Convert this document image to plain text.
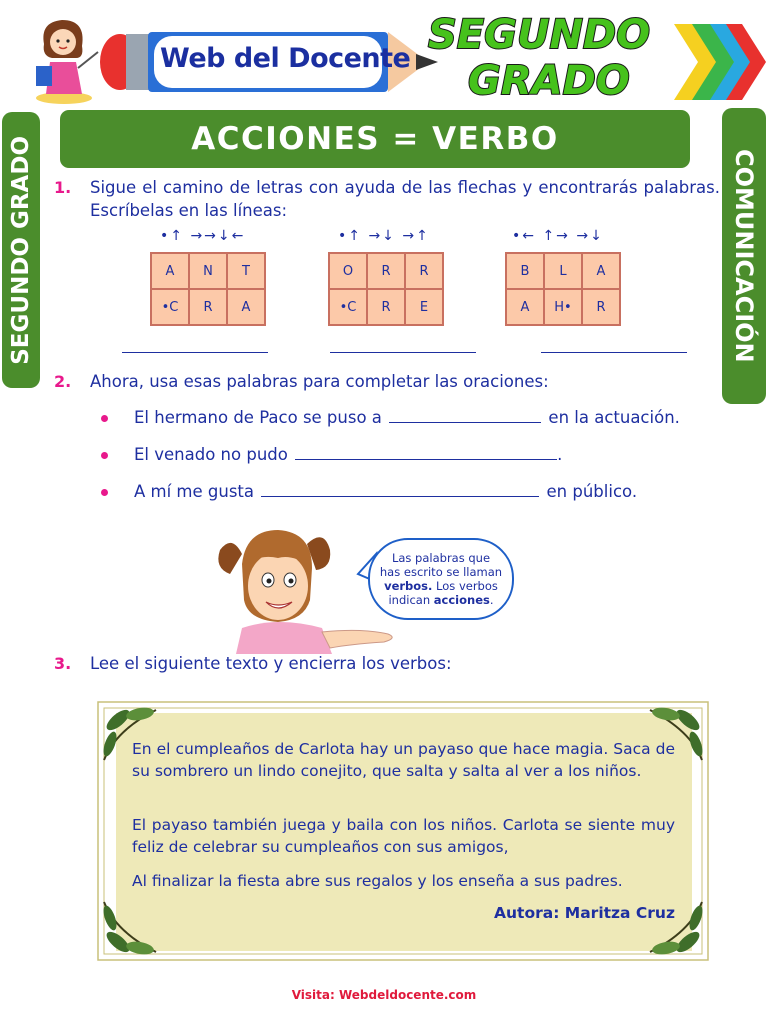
Web del Docente
SEGUNDO
GRADO
SEGUNDO GRADO	COMUNICACIÓN
ACCIONES = VERBO
1. Sigue el camino de letras con ayuda de las flechas y encontrarás palabras. Escríbelas en las líneas:
•↑ →→↓←
A	N	T
•C	R	A
•↑ →↓ →↑
O	R	R
•C	R	E
•← ↑→ →↓
B	L	A
A	H•	R
2. Ahora, usa esas palabras para completar las oraciones:
El hermano de Paco se puso a	en la actuación.
El venado no pudo	.
A mí me gusta	en público.
Las palabras que
has escrito se llaman
verbos. Los verbos
indican acciones.
3. Lee el siguiente texto y encierra los verbos:
En el cumpleaños de Carlota hay un payaso que hace magia. Saca de su sombrero un lindo conejito, que salta y salta al ver a los niños.
El payaso también juega y baila con los niños. Carlota se siente muy feliz de celebrar su cumpleaños con sus amigos,
Al finalizar la fiesta abre sus regalos y los enseña a sus padres.
Autora: Maritza Cruz
Visita: Webdeldocente.com
